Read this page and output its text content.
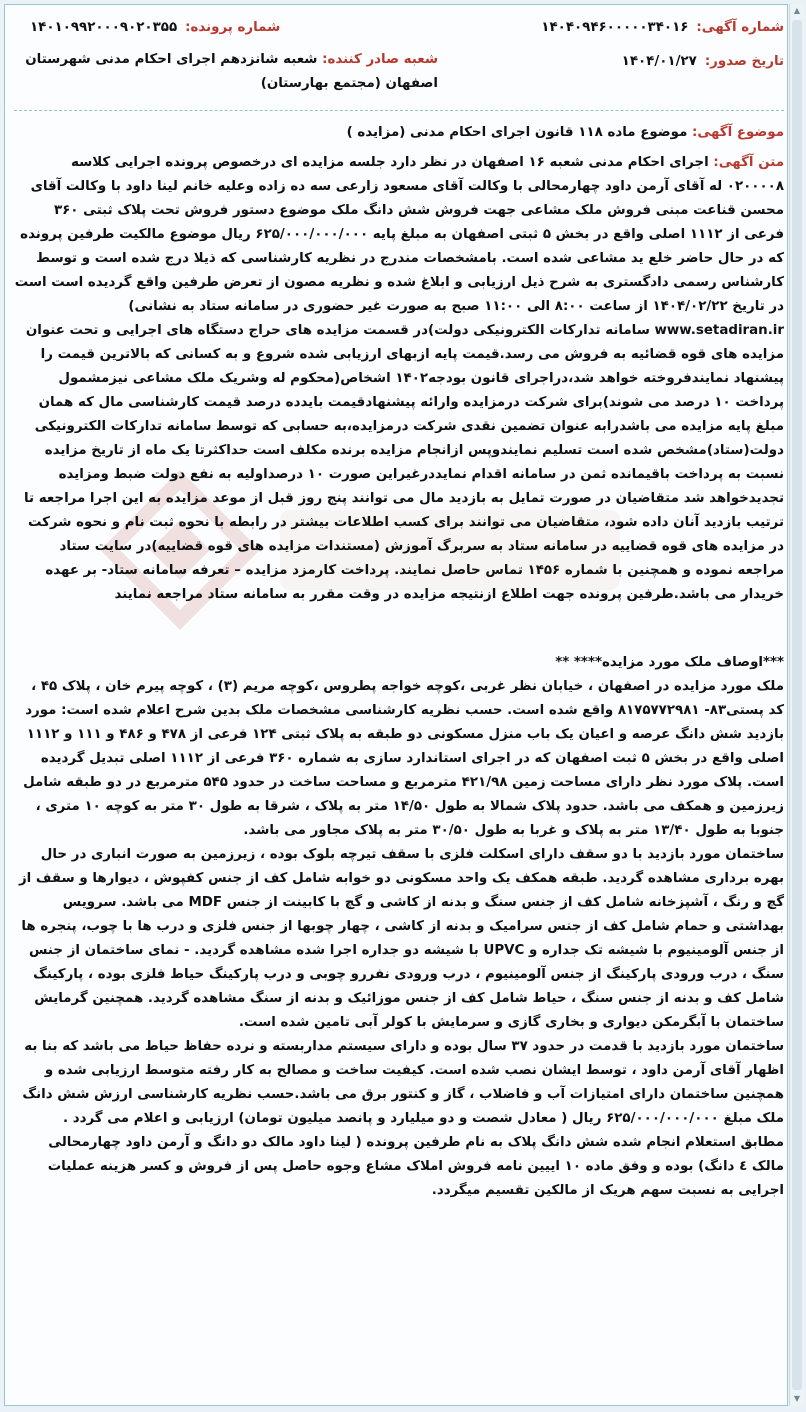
شماره آگهی:
۱۴۰۴۰۹۴۶۰۰۰۰۰۳۴۰۱۶
شماره پرونده:
۱۴۰۱۰۹۹۲۰۰۰۹۰۲۰۳۵۵
تاریخ صدور:
۱۴۰۴/۰۱/۲۷
شعبه صادر کننده: شعبه شانزدهم اجرای احکام مدنی شهرستان اصفهان (مجتمع بهارستان)
موضوع آگهی: موضوع ماده ۱۱۸ قانون اجرای احکام مدنی (مزایده )

متن آگهی: اجرای احکام مدنی شعبه ۱۶ اصفهان در نظر دارد جلسه مزایده ای درخصوص پرونده اجرایی کلاسه ۰۲۰۰۰۰۸ له آقای آرمن داود چهارمحالی با وکالت آقای مسعود زارعی سه ده زاده وعلیه خانم لینا داود با وکالت آقای محسن قناعت مبنی فروش ملک مشاعی جهت فروش شش دانگ ملک موضوع دستور فروش تحت پلاک ثبتی ۳۶۰ فرعی از ۱۱۱۲ اصلی واقع در بخش ۵ ثبتی اصفهان به مبلغ پایه ۶۲۵/۰۰۰/۰۰۰/۰۰۰ ریال موضوع مالکیت طرفین پرونده که در حال حاضر خلع ید مشاعی شده است. بامشخصات مندرج در نظریه کارشناسی که ذیلا درج شده است و توسط کارشناس رسمی دادگستری به شرح ذیل ارزیابی و ابلاغ شده و نظریه مصون از تعرض طرفین واقع گردیده است است در تاریخ ۱۴۰۴/۰۲/۲۲ از ساعت ۸:۰۰ الی ۱۱:۰۰ صبح به صورت غیر حضوری در سامانه ستاد به نشانی) www.setadiran.ir سامانه تدارکات الکترونیکی دولت)در قسمت مزایده های حراج دستگاه های اجرایی و تحت عنوان مزایده های قوه قضائیه به فروش می رسد.قیمت پایه ازبهای ارزیابی شده شروع و به کسانی که بالاترین قیمت را پیشنهاد نمایندفروخته خواهد شد،دراجرای قانون بودجه۱۴۰۲ اشخاص(محکوم له وشریک ملک مشاعی نیزمشمول پرداخت ۱۰ درصد می شوند)برای شرکت درمزایده وارائه پیشنهادقیمت بایدده درصد قیمت کارشناسی مال که همان مبلغ پایه مزایده می باشدرابه عنوان تضمین نقدی شرکت درمزایده،به حسابی که توسط سامانه تدارکات الکترونیکی دولت(ستاد)مشخص شده است تسلیم نمایندوپس ازانجام مزایده برنده مکلف است حداکثرتا یک ماه از تاریخ مزایده نسبت به پرداخت باقیمانده ثمن در سامانه اقدام نمایددرغیراین صورت ۱۰ درصداولیه به نفع دولت ضبط ومزایده تجدیدخواهد شد متقاضیان در صورت تمایل به بازدید مال می توانند پنج روز قبل از موعد مزایده به این اجرا مراجعه تا ترتیب بازدید آنان داده شود، متقاضیان می توانند برای کسب اطلاعات بیشتر در رابطه با نحوه ثبت نام و نحوه شرکت در مزایده های قوه قضاییه در سامانه ستاد به سربرگ آموزش (مستندات مزایده های قوه قضاییه)در سایت ستاد مراجعه نموده و همچنین با شماره ۱۴۵۶ تماس حاصل نمایند. پرداخت کارمزد مزایده – تعرفه سامانه ستاد- بر عهده خریدار می باشد.طرفین پرونده جهت اطلاع ازنتیجه مزایده در وقت مقرر به سامانه ستاد مراجعه نمایند

***اوصاف ملک مورد مزایده**** **

ملک مورد مزایده در اصفهان ، خیابان نظر غربی ،کوچه خواجه پطروس ،کوچه مریم (۳) ، کوچه پیرم خان ، پلاک ۴۵ ، کد پستی۸۳- ۸۱۷۵۷۷۲۹۸۱ واقع شده است. حسب نظریه کارشناسی مشخصات ملک بدین شرح اعلام شده است: مورد بازدید شش دانگ عرصه و اعیان یک باب منزل مسکونی دو طبقه به پلاک ثبتی ۱۲۴ فرعی از ۴۷۸ و ۴۸۶ و ۱۱۱ و ۱۱۱۲ اصلی واقع در بخش ۵ ثبت اصفهان که در اجرای استاندارد سازی به شماره ۳۶۰ فرعی از ۱۱۱۲ اصلی تبدیل گردیده است. پلاک مورد نظر دارای مساحت زمین ۴۲۱/۹۸ مترمربع و مساحت ساخت در حدود ۵۴۵ مترمربع در دو طبقه شامل زیرزمین و همکف می باشد. حدود پلاک شمالا به طول ۱۴/۵۰ متر به پلاک ، شرقا به طول ۳۰ متر به کوچه ۱۰ متری ، جنوبا به طول ۱۳/۴۰ متر به پلاک و غربا به طول ۳۰/۵۰ متر به پلاک مجاور می باشد.

ساختمان مورد بازدید با دو سقف دارای اسکلت فلزی با سقف تیرچه بلوک بوده ، زیرزمین به صورت انباری در حال بهره برداری مشاهده گردید. طبقه همکف یک واحد مسکونی دو خوابه شامل کف از جنس کفپوش ، دیوارها و سقف از گچ و رنگ ، آشپزخانه شامل کف از جنس سنگ و بدنه از کاشی و گچ با کابینت از جنس MDF می باشد. سرویس بهداشتی و حمام شامل کف از جنس سرامیک و بدنه از کاشی ، چهار چوبها از جنس فلزی و درب ها با چوب، پنجره ها از جنس آلومینیوم با شیشه تک جداره و UPVC با شیشه دو جداره اجرا شده مشاهده گردید. - نمای ساختمان از جنس سنگ ، درب ورودی پارکینگ از جنس آلومینیوم ، درب ورودی نفررو چوبی و درب پارکینگ حیاط فلزی بوده ، پارکینگ شامل کف و بدنه از جنس سنگ ، حیاط شامل کف از جنس موزائیک و بدنه از سنگ مشاهده گردید. همچنین گرمایش ساختمان با آبگرمکن دیواری و بخاری گازی و سرمایش با کولر آبی تامین شده است.

ساختمان مورد بازدید با قدمت در حدود ۳۷ سال بوده و دارای سیستم مداربسته و نرده حفاظ حیاط می باشد که بنا به اظهار آقای آرمن داود ، توسط ایشان نصب شده است. کیفیت ساخت و مصالح به کار رفته متوسط ارزیابی شده و همچنین ساختمان دارای امتیازات آب و فاضلاب ، گاز و کنتور برق می باشد.حسب نظریه کارشناسی ارزش شش دانگ ملک مبلغ ۶۲۵/۰۰۰/۰۰۰/۰۰۰ ریال ( معادل شصت و دو میلیارد و پانصد میلیون تومان) ارزیابی و اعلام می گردد .

مطابق استعلام انجام شده شش دانگ پلاک به نام طرفین پرونده ( لینا داود مالک دو دانگ و آرمن داود چهارمحالی مالک ٤ دانگ) بوده و وفق ماده ۱۰ اییین نامه فروش املاک مشاع وجوه حاصل پس از فروش و کسر هزینه عملیات اجرایی به نسبت سهم هریک از مالکین تقسیم میگردد.

▲
▼
